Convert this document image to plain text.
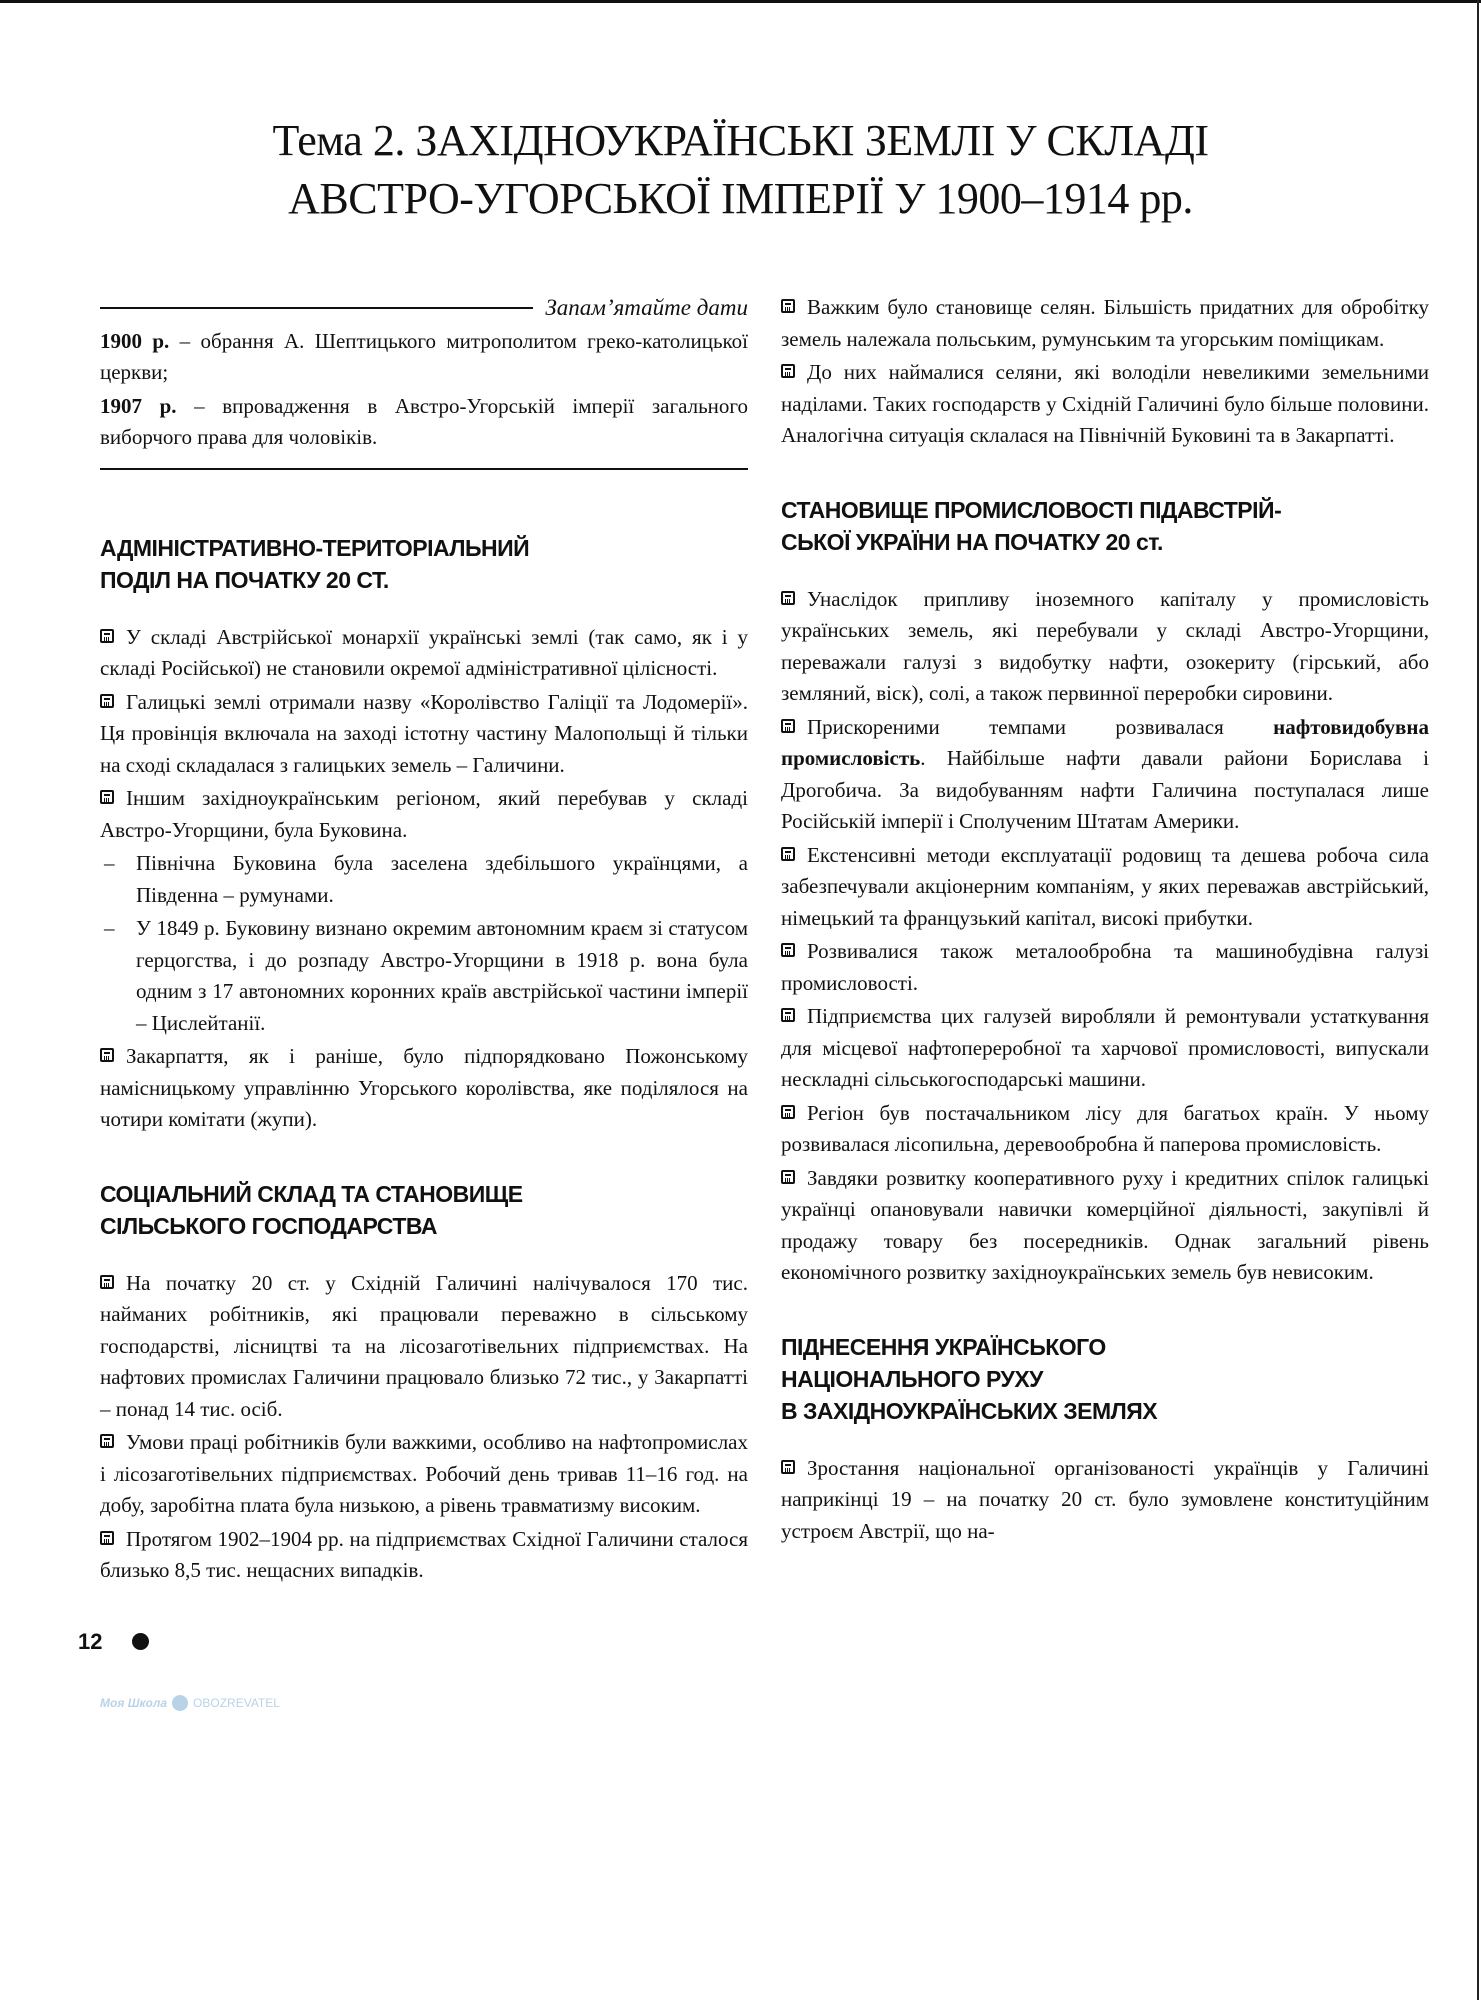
Тема 2. ЗАХІДНОУКРАЇНСЬКІ ЗЕМЛІ У СКЛАДІ
АВСТРО-УГОРСЬКОЇ ІМПЕРІЇ У 1900–1914 рр.
Запам’ятайте дати
1900 р. – обрання А. Шептицького митрополитом греко-католицької церкви;
1907 р. – впровадження в Австро-Угорській імперії загального виборчого права для чоловіків.
АДМІНІСТРАТИВНО-ТЕРИТОРІАЛЬНИЙ
ПОДІЛ НА ПОЧАТКУ 20 СТ.
У складі Австрійської монархії українські землі (так само, як і у складі Російської) не становили окремої адміністративної цілісності.
Галицькі землі отримали назву «Королівство Галіції та Лодомерії». Ця провінція включала на заході істотну частину Малопольщі й тільки на сході складалася з галицьких земель – Галичини.
Іншим західноукраїнським регіоном, який перебував у складі Австро-Угорщини, була Буковина.
–	Північна Буковина була заселена здебільшого українцями, а Південна – румунами.
–	У 1849 р. Буковину визнано окремим автономним краєм зі статусом герцогства, і до розпаду Австро-Угорщини в 1918 р. вона була одним з 17 автономних коронних країв австрійської частини імперії – Цислейтанії.
Закарпаття, як і раніше, було підпорядковано Пожонському намісницькому управлінню Угорського королівства, яке поділялося на чотири комітати (жупи).
СОЦІАЛЬНИЙ СКЛАД ТА СТАНОВИЩЕ
СІЛЬСЬКОГО ГОСПОДАРСТВА
На початку 20 ст. у Східній Галичині налічувалося 170 тис. найманих робітників, які працювали переважно в сільському господарстві, лісництві та на лісозаготівельних підприємствах. На нафтових промислах Галичини працювало близько 72 тис., у Закарпатті – понад 14 тис. осіб.
Умови праці робітників були важкими, особливо на нафтопромислах і лісозаготівельних підприємствах. Робочий день тривав 11–16 год. на добу, заробітна плата була низькою, а рівень травматизму високим.
Протягом 1902–1904 рр. на підприємствах Східної Галичини сталося близько 8,5 тис. нещасних випадків.
Важким було становище селян. Більшість придатних для обробітку земель належала польським, румунським та угорським поміщикам.
До них наймалися селяни, які володіли невеликими земельними наділами. Таких господарств у Східній Галичині було більше половини. Аналогічна ситуація склалася на Північній Буковині та в Закарпатті.
СТАНОВИЩЕ ПРОМИСЛОВОСТІ ПІДАВСТРІЙ-
СЬКОЇ УКРАЇНИ НА ПОЧАТКУ 20 ст.
Унаслідок припливу іноземного капіталу у промисловість українських земель, які перебували у складі Австро-Угорщини, переважали галузі з видобутку нафти, озокериту (гірський, або земляний, віск), солі, а також первинної переробки сировини.
Прискореними темпами розвивалася нафтовидобувна промисловість. Найбільше нафти давали райони Борислава і Дрогобича. За видобуванням нафти Галичина поступалася лише Російській імперії і Сполученим Штатам Америки.
Екстенсивні методи експлуатації родовищ та дешева робоча сила забезпечували акціонерним компаніям, у яких переважав австрійський, німецький та французький капітал, високі прибутки.
Розвивалися також металообробна та машинобудівна галузі промисловості.
Підприємства цих галузей виробляли й ремонтували устаткування для місцевої нафтопереробної та харчової промисловості, випускали нескладні сільськогосподарські машини.
Регіон був постачальником лісу для багатьох країн. У ньому розвивалася лісопильна, деревообробна й паперова промисловість.
Завдяки розвитку кооперативного руху і кредитних спілок галицькі українці опановували навички комерційної діяльності, закупівлі й продажу товару без посередників. Однак загальний рівень економічного розвитку західноукраїнських земель був невисоким.
ПІДНЕСЕННЯ УКРАЇНСЬКОГО
НАЦІОНАЛЬНОГО РУХУ
В ЗАХІДНОУКРАЇНСЬКИХ ЗЕМЛЯХ
Зростання національної організованості українців у Галичині наприкінці 19 – на початку 20 ст. було зумовлене конституційним устроєм Австрії, що на-
12
Моя Школа OBOZREVATEL
